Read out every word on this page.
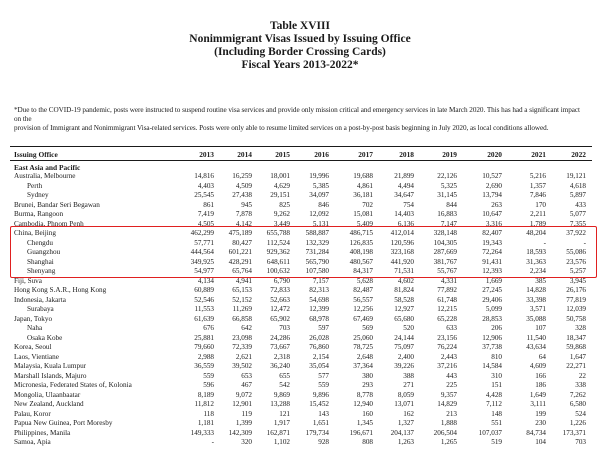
Table XVIII
Nonimmigrant Visas Issued by Issuing Office
(Including Border Crossing Cards)
Fiscal Years 2013-2022*
*Due to the COVID-19 pandemic, posts were instructed to suspend routine visa services and provide only mission critical and emergency services in late March 2020. This has had a significant impact on the
provision of Immigrant and Nonimmigrant Visa-related services. Posts were only able to resume limited services on a post-by-post basis beginning in July 2020, as local conditions allowed.
Issuing Office	2013	2014	2015	2016	2017	2018	2019	2020	2021	2022
East Asia and Pacific
Australia, Melbourne	14,816	16,259	18,001	19,996	19,688	21,899	22,126	10,527	5,216	19,121
Perth	4,403	4,509	4,629	5,385	4,861	4,494	5,325	2,690	1,357	4,618
Sydney	25,545	27,438	29,151	34,097	36,181	34,647	31,145	13,794	7,846	5,897
Brunei, Bandar Seri Begawan	861	945	825	846	702	754	844	263	170	433
Burma, Rangoon	7,419	7,878	9,262	12,092	15,081	14,403	16,883	10,647	2,211	5,077
Cambodia, Phnom Penh	4,505	4,142	3,449	5,131	5,409	6,136	7,147	3,316	1,789	7,355
China, Beijing	462,299	475,189	655,788	588,887	486,715	412,014	328,148	82,407	48,204	37,922
Chengdu	57,771	80,427	112,524	132,329	126,835	120,596	104,305	19,343	-	-
Guangzhou	444,564	601,221	929,362	731,284	408,198	323,168	287,669	72,264	18,593	55,086
Shanghai	349,925	428,291	648,611	565,790	480,567	441,920	381,767	91,431	31,363	23,576
Shenyang	54,977	65,764	100,632	107,580	84,317	71,531	55,767	12,393	2,234	5,257
Fiji, Suva	4,134	4,941	6,790	7,157	5,628	4,602	4,331	1,669	385	3,945
Hong Kong S.A.R., Hong Kong	60,889	65,153	72,833	82,313	82,487	81,824	77,892	27,245	14,828	26,176
Indonesia, Jakarta	52,546	52,152	52,663	54,698	56,557	58,528	61,748	29,406	33,398	77,819
Surabaya	11,553	11,269	12,472	12,399	12,256	12,927	12,215	5,099	3,571	12,039
Japan, Tokyo	61,639	66,858	65,902	68,978	67,469	65,680	65,228	28,853	35,088	50,758
Naha	676	642	703	597	569	520	633	206	107	328
Osaka Kobe	25,881	23,098	24,286	26,028	25,060	24,144	23,156	12,906	11,540	18,347
Korea, Seoul	79,660	72,339	73,667	76,860	78,725	75,097	76,224	37,738	43,634	59,868
Laos, Vientiane	2,988	2,621	2,318	2,154	2,648	2,400	2,443	810	64	1,647
Malaysia, Kuala Lumpur	36,559	39,502	36,240	35,054	37,364	39,226	37,216	14,584	4,609	22,271
Marshall Islands, Majuro	559	653	655	577	380	388	443	310	166	22
Micronesia, Federated States of, Kolonia	596	467	542	559	293	271	225	151	186	338
Mongolia, Ulaanbaatar	8,189	9,072	9,869	9,896	8,778	8,059	9,357	4,428	1,649	7,262
New Zealand, Auckland	11,812	12,901	13,288	15,452	12,940	13,071	14,829	7,112	3,111	6,580
Palau, Koror	118	119	121	143	160	162	213	148	199	524
Papua New Guinea, Port Moresby	1,181	1,399	1,917	1,651	1,345	1,327	1,888	551	230	1,226
Philippines, Manila	149,333	142,309	162,871	179,734	196,671	204,137	206,504	107,037	84,734	173,371
Samoa, Apia	-	320	1,102	928	808	1,263	1,265	519	104	703
